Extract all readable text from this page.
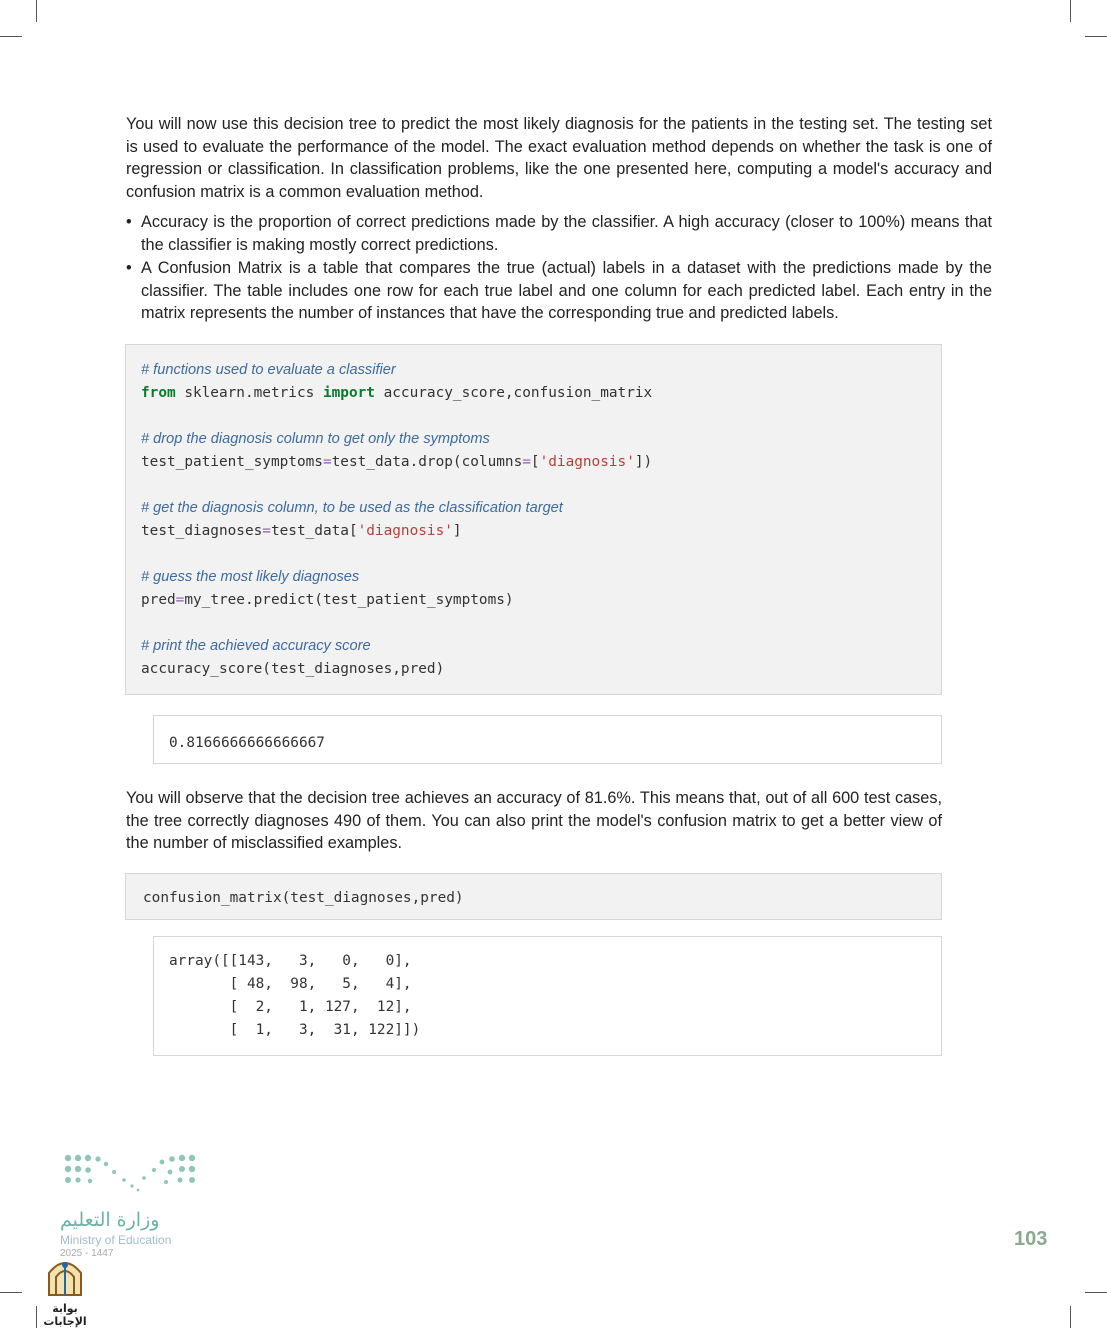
You will now use this decision tree to predict the most likely diagnosis for the patients in the testing set. The testing set is used to evaluate the performance of the model. The exact evaluation method depends on whether the task is one of regression or classification. In classification problems, like the one presented here, computing a model's accuracy and confusion matrix is a common evaluation method.

• Accuracy is the proportion of correct predictions made by the classifier. A high accuracy (closer to 100%) means that the classifier is making mostly correct predictions.
• A Confusion Matrix is a table that compares the true (actual) labels in a dataset with the predictions made by the classifier. The table includes one row for each true label and one column for each predicted label. Each entry in the matrix represents the number of instances that have the corresponding true and predicted labels.
# functions used to evaluate a classifier
from sklearn.metrics import accuracy_score,confusion_matrix

# drop the diagnosis column to get only the symptoms
test_patient_symptoms=test_data.drop(columns=['diagnosis'])

# get the diagnosis column, to be used as the classification target
test_diagnoses=test_data['diagnosis']

# guess the most likely diagnoses
pred=my_tree.predict(test_patient_symptoms)

# print the achieved accuracy score
accuracy_score(test_diagnoses,pred)
0.8166666666666667

You will observe that the decision tree achieves an accuracy of 81.6%. This means that, out of all 600 test cases, the tree correctly diagnoses 490 of them. You can also print the model's confusion matrix to get a better view of the number of misclassified examples.

confusion_matrix(test_diagnoses,pred)
array([[143,   3,   0,   0],
[ 48,  98,   5,   4],
[  2,   1, 127,  12],
[  1,   3,  31, 122]])
وزارة التعليم
Ministry of Education
2025 - 1447
بوابة الإجابات
103
